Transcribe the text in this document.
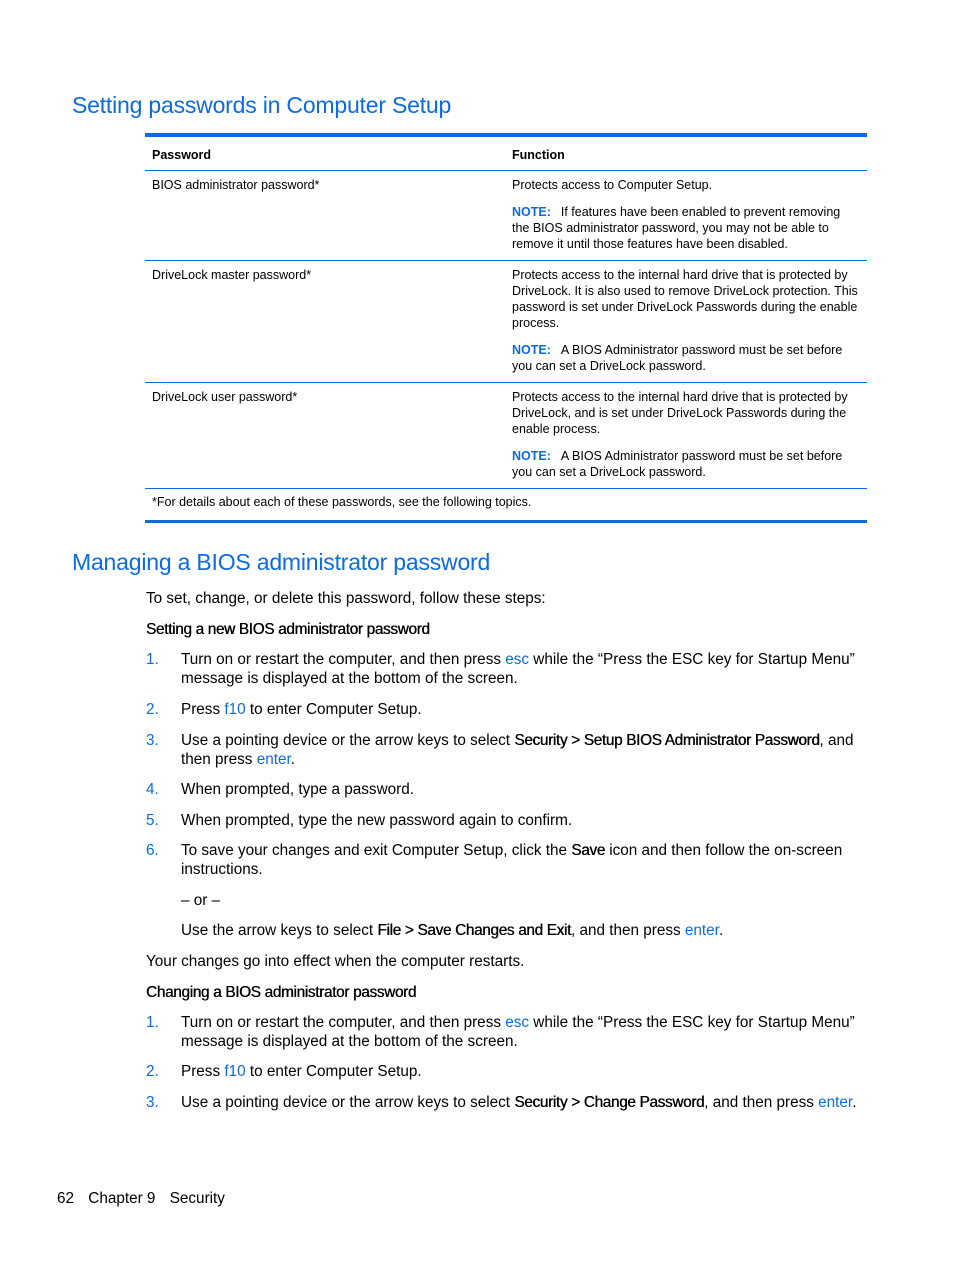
Setting passwords in Computer Setup
Password	Function
BIOS administrator password*	Protects access to Computer Setup.

NOTE: If features have been enabled to prevent removing the BIOS administrator password, you may not be able to remove it until those features have been disabled.

DriveLock master password*	Protects access to the internal hard drive that is protected by DriveLock. It is also used to remove DriveLock protection. This password is set under DriveLock Passwords during the enable process.

NOTE: A BIOS Administrator password must be set before you can set a DriveLock password.

DriveLock user password*	Protects access to the internal hard drive that is protected by DriveLock, and is set under DriveLock Passwords during the enable process.

NOTE: A BIOS Administrator password must be set before you can set a DriveLock password.

*For details about each of these passwords, see the following topics.	
Managing a BIOS administrator password

To set, change, or delete this password, follow these steps:

Setting a new BIOS administrator password

1. Turn on or restart the computer, and then press esc while the “Press the ESC key for Startup Menu” message is displayed at the bottom of the screen.
2. Press f10 to enter Computer Setup.
3. Use a pointing device or the arrow keys to select Security > Setup BIOS Administrator Password, and then press enter.
4. When prompted, type a password.
5. When prompted, type the new password again to confirm.
6. To save your changes and exit Computer Setup, click the Save icon and then follow the on-screen instructions.
– or –
Use the arrow keys to select File > Save Changes and Exit, and then press enter.

Your changes go into effect when the computer restarts.

Changing a BIOS administrator password

1. Turn on or restart the computer, and then press esc while the “Press the ESC key for Startup Menu” message is displayed at the bottom of the screen.
2. Press f10 to enter Computer Setup.
3. Use a pointing device or the arrow keys to select Security > Change Password, and then press enter.
62 Chapter 9 Security
